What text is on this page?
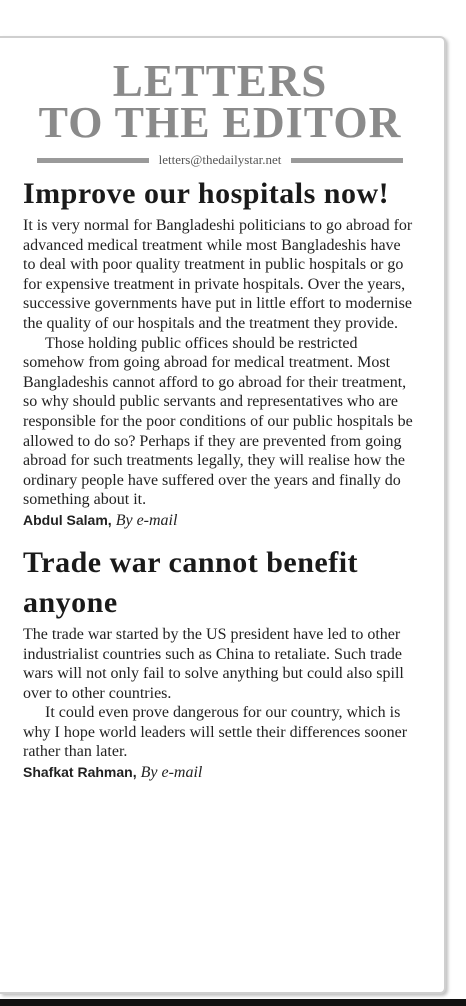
LETTERS
TO THE EDITOR
letters@thedailystar.net
Improve our hospitals now!

It is very normal for Bangladeshi politicians to go abroad for advanced medical treatment while most Bangladeshis have to deal with poor quality treatment in public hospitals or go for expensive treatment in private hospitals. Over the years, successive governments have put in little effort to modernise the quality of our hospitals and the treatment they provide.

Those holding public offices should be restricted somehow from going abroad for medical treatment. Most Bangladeshis cannot afford to go abroad for their treatment, so why should public servants and representatives who are responsible for the poor conditions of our public hospitals be allowed to do so? Perhaps if they are prevented from going abroad for such treatments legally, they will realise how the ordinary people have suffered over the years and finally do something about it.

Abdul Salam, By e-mail

Trade war cannot benefit anyone

The trade war started by the US president have led to other industrialist countries such as China to retaliate. Such trade wars will not only fail to solve anything but could also spill over to other countries.

It could even prove dangerous for our country, which is why I hope world leaders will settle their differences sooner rather than later.

Shafkat Rahman, By e-mail
